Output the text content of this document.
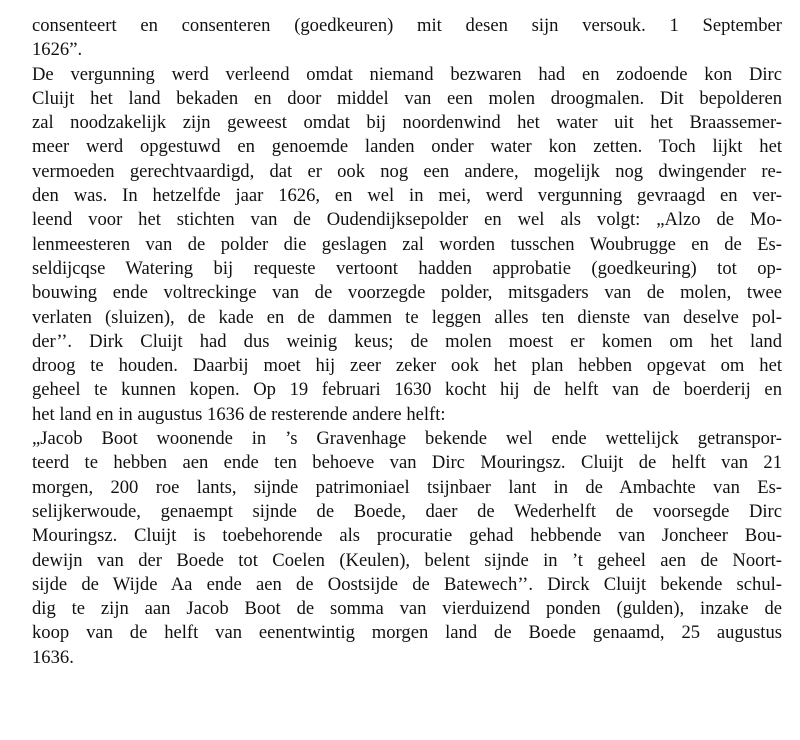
consenteert en consenteren (goedkeuren) mit desen sijn versouk. 1 September
1626”.
De vergunning werd verleend omdat niemand bezwaren had en zodoende kon Dirc
Cluijt het land bekaden en door middel van een molen droogmalen. Dit bepolderen
zal noodzakelijk zijn geweest omdat bij noordenwind het water uit het Braassemer-
meer werd opgestuwd en genoemde landen onder water kon zetten. Toch lijkt het
vermoeden gerechtvaardigd, dat er ook nog een andere, mogelijk nog dwingender re-
den was. In hetzelfde jaar 1626, en wel in mei, werd vergunning gevraagd en ver-
leend voor het stichten van de Oudendijksepolder en wel als volgt: „Alzo de Mo-
lenmeesteren van de polder die geslagen zal worden tusschen Woubrugge en de Es-
seldijcqse Watering bij requeste vertoont hadden approbatie (goedkeuring) tot op-
bouwing ende voltreckinge van de voorzegde polder, mitsgaders van de molen, twee
verlaten (sluizen), de kade en de dammen te leggen alles ten dienste van deselve pol-
der’’. Dirk Cluijt had dus weinig keus; de molen moest er komen om het land
droog te houden. Daarbij moet hij zeer zeker ook het plan hebben opgevat om het
geheel te kunnen kopen. Op 19 februari 1630 kocht hij de helft van de boerderij en
het land en in augustus 1636 de resterende andere helft:
„Jacob Boot woonende in ’s Gravenhage bekende wel ende wettelijck getranspor-
teerd te hebben aen ende ten behoeve van Dirc Mouringsz. Cluijt de helft van 21
morgen, 200 roe lants, sijnde patrimoniael tsijnbaer lant in de Ambachte van Es-
selijkerwoude, genaempt sijnde de Boede, daer de Wederhelft de voorsegde Dirc
Mouringsz. Cluijt is toebehorende als procuratie gehad hebbende van Joncheer Bou-
dewijn van der Boede tot Coelen (Keulen), belent sijnde in ’t geheel aen de Noort-
sijde de Wijde Aa ende aen de Oostsijde de Batewech’’. Dirck Cluijt bekende schul-
dig te zijn aan Jacob Boot de somma van vierduizend ponden (gulden), inzake de
koop van de helft van eenentwintig morgen land de Boede genaamd, 25 augustus
1636.
